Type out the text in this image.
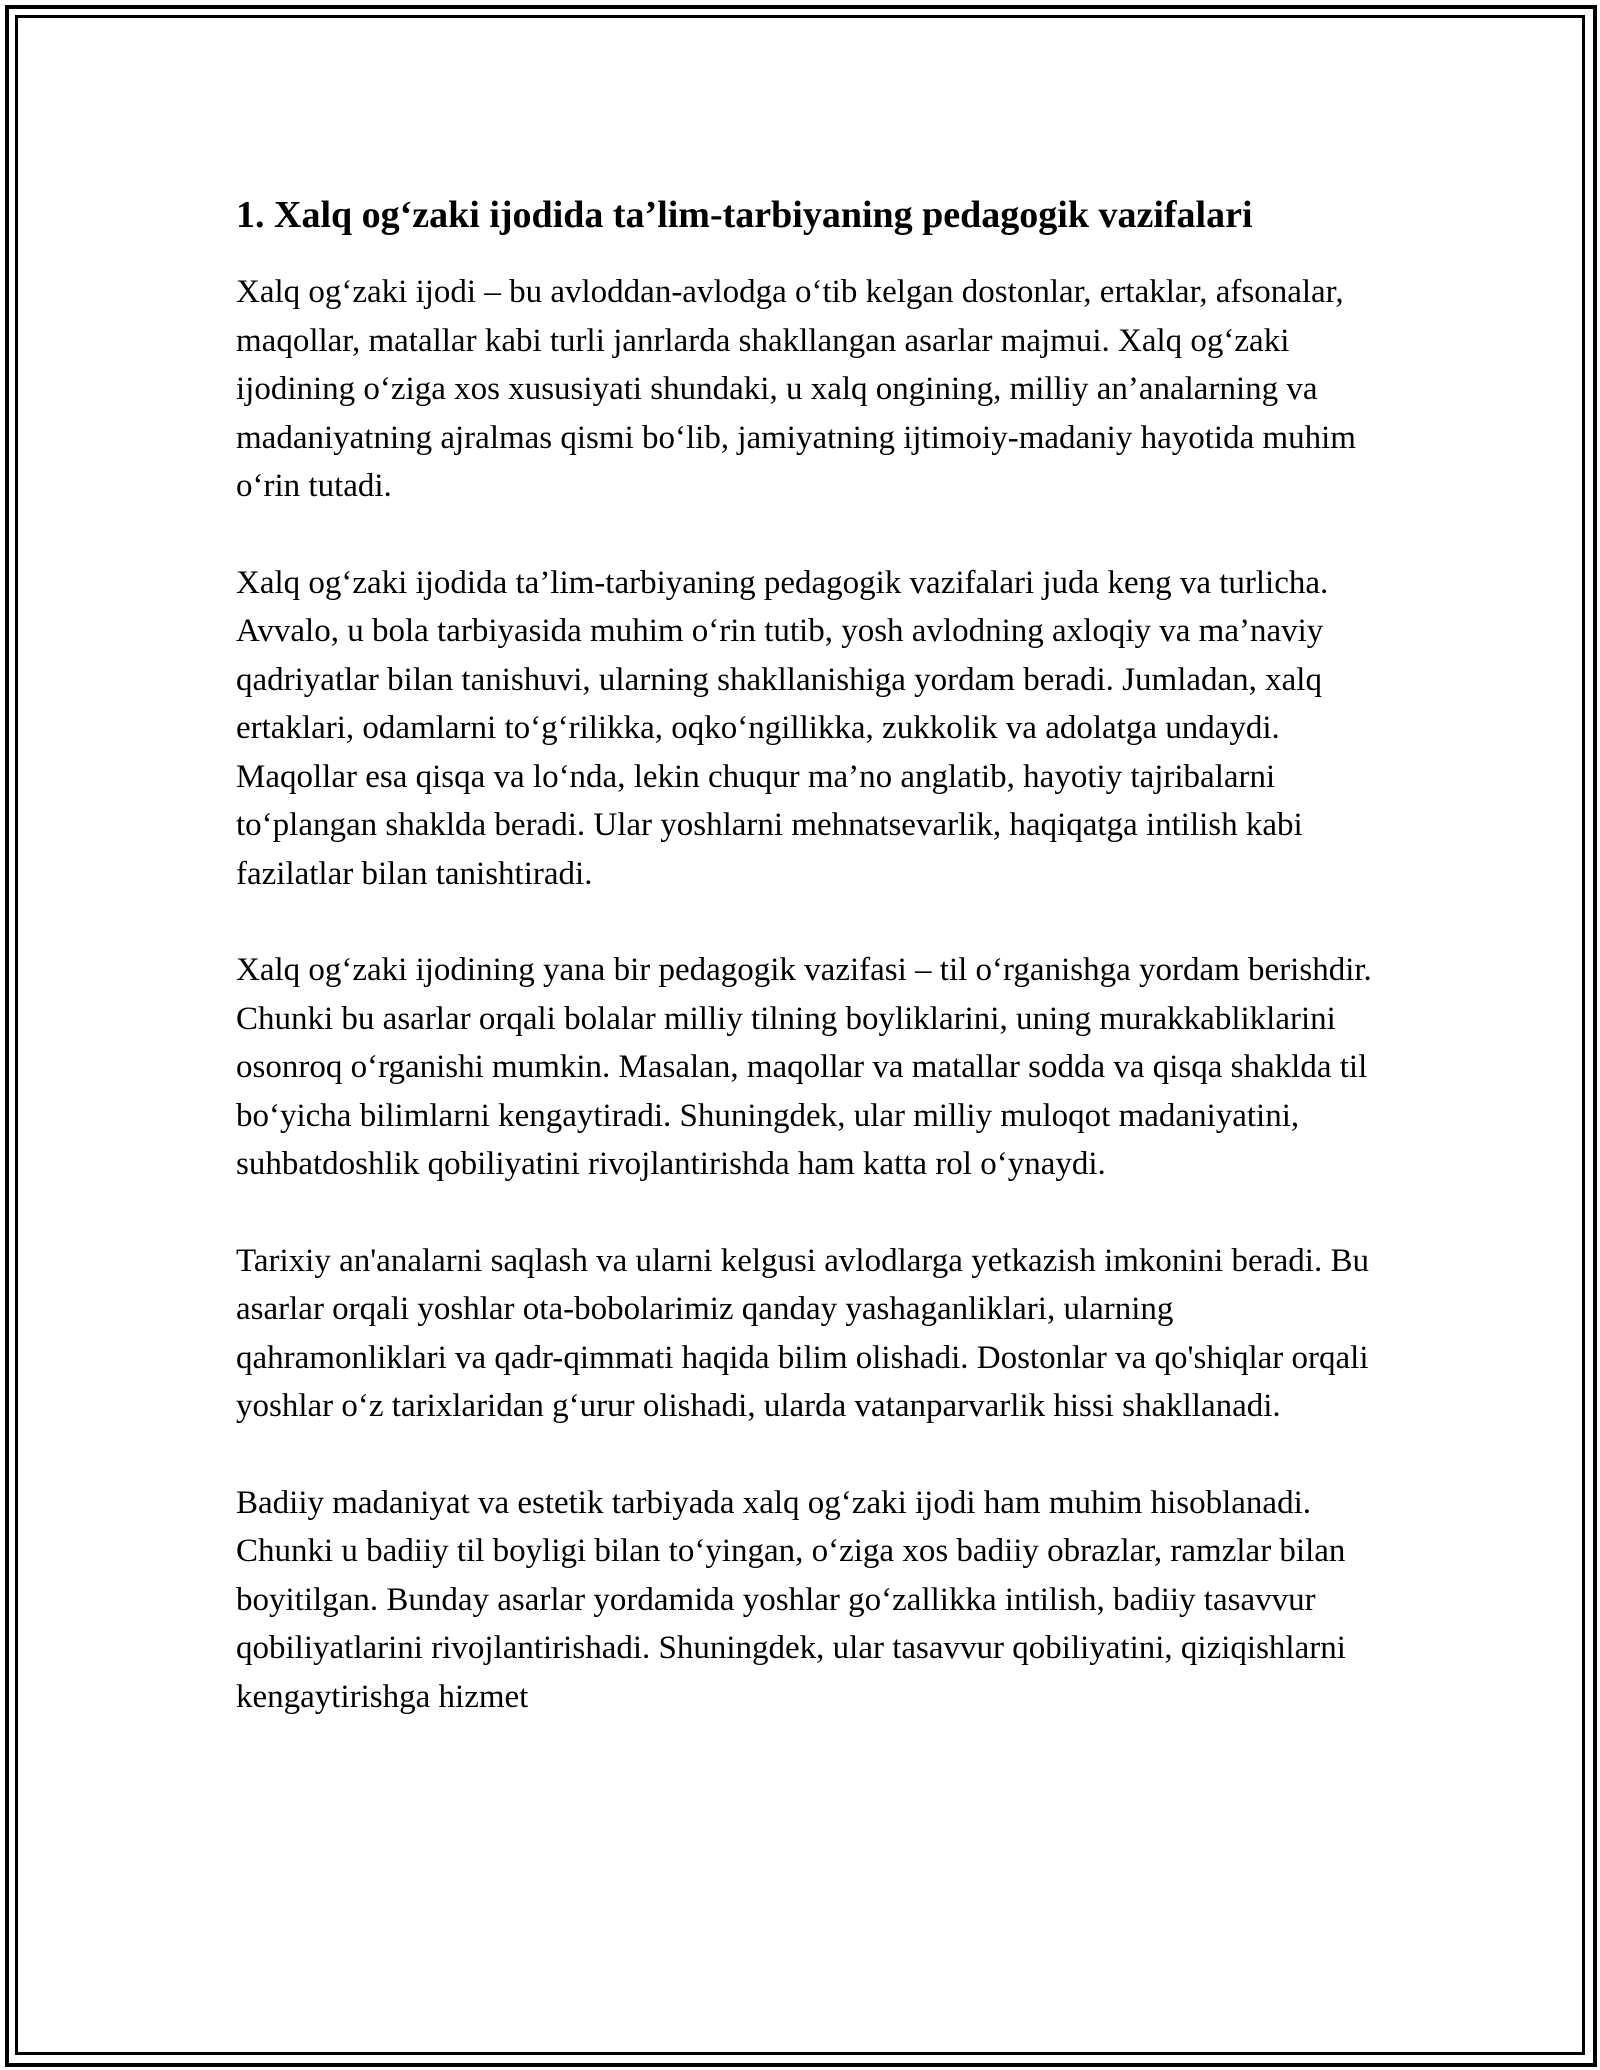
1. Xalq og‘zaki ijodida ta’lim-tarbiyaning pedagogik vazifalari

Xalq og‘zaki ijodi – bu avloddan-avlodga o‘tib kelgan dostonlar, ertaklar, afsonalar, maqollar, matallar kabi turli janrlarda shakllangan asarlar majmui. Xalq og‘zaki ijodining o‘ziga xos xususiyati shundaki, u xalq ongining, milliy an’analarning va madaniyatning ajralmas qismi bo‘lib, jamiyatning ijtimoiy-madaniy hayotida muhim o‘rin tutadi.

Xalq og‘zaki ijodida ta’lim-tarbiyaning pedagogik vazifalari juda keng va turlicha. Avvalo, u bola tarbiyasida muhim o‘rin tutib, yosh avlodning axloqiy va ma’naviy qadriyatlar bilan tanishuvi, ularning shakllanishiga yordam beradi. Jumladan, xalq ertaklari, odamlarni to‘g‘rilikka, oqko‘ngillikka, zukkolik va adolatga undaydi. Maqollar esa qisqa va lo‘nda, lekin chuqur ma’no anglatib, hayotiy tajribalarni to‘plangan shaklda beradi. Ular yoshlarni mehnatsevarlik, haqiqatga intilish kabi fazilatlar bilan tanishtiradi.

Xalq og‘zaki ijodining yana bir pedagogik vazifasi – til o‘rganishga yordam berishdir. Chunki bu asarlar orqali bolalar milliy tilning boyliklarini, uning murakkabliklarini osonroq o‘rganishi mumkin. Masalan, maqollar va matallar sodda va qisqa shaklda til bo‘yicha bilimlarni kengaytiradi. Shuningdek, ular milliy muloqot madaniyatini, suhbatdoshlik qobiliyatini rivojlantirishda ham katta rol o‘ynaydi.

Tarixiy an'analarni saqlash va ularni kelgusi avlodlarga yetkazish imkonini beradi. Bu asarlar orqali yoshlar ota-bobolarimiz qanday yashaganliklari, ularning qahramonliklari va qadr-qimmati haqida bilim olishadi. Dostonlar va qo'shiqlar orqali yoshlar o‘z tarixlaridan g‘urur olishadi, ularda vatanparvarlik hissi shakllanadi.

Badiiy madaniyat va estetik tarbiyada xalq og‘zaki ijodi ham muhim hisoblanadi. Chunki u badiiy til boyligi bilan to‘yingan, o‘ziga xos badiiy obrazlar, ramzlar bilan boyitilgan. Bunday asarlar yordamida yoshlar go‘zallikka intilish, badiiy tasavvur qobiliyatlarini rivojlantirishadi. Shuningdek, ular tasavvur qobiliyatini, qiziqishlarni kengaytirishga hizmet
